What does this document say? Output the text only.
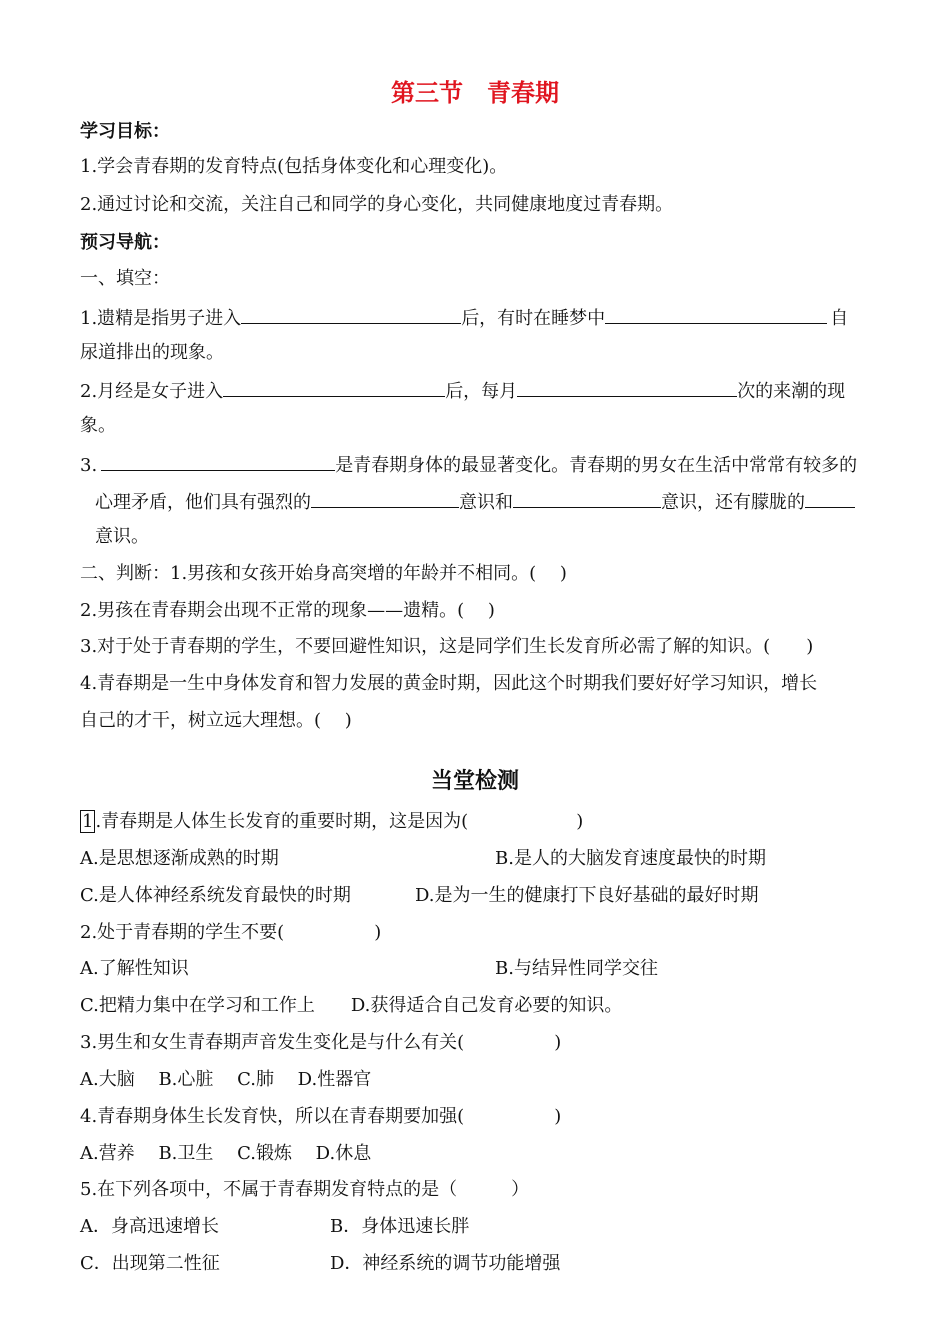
第三节　青春期
学习目标：
1.学会青春期的发育特点(包括身体变化和心理变化)。
2.通过讨论和交流，关注自己和同学的身心变化，共同健康地度过青春期。
预习导航：
一、填空：
1.遗精是指男子进入	后，有时在睡梦中	自
尿道排出的现象。
2.月经是女子进入	后，每月	次的来潮的现
象。
3.	是青春期身体的最显著变化。青春期的男女在生活中常常有较多的
心理矛盾，他们具有强烈的	意识和	意识，还有朦胧的
意识。
二、判断：1.男孩和女孩开始身高突增的年龄并不相同。(　 )
2.男孩在青春期会出现不正常的现象——遗精。(　 )
3.对于处于青春期的学生，不要回避性知识，这是同学们生长发育所必需了解的知识。(　　)
4.青春期是一生中身体发育和智力发展的黄金时期，因此这个时期我们要好好学习知识，增长
自己的才干，树立远大理想。(　 )
当堂检测
1 .青春期是人体生长发育的重要时期，这是因为(　　　　　　)
A.是思想逐渐成熟的时期	B.是人的大脑发育速度最快的时期
C.是人体神经系统发育最快的时期	D.是为一生的健康打下良好基础的最好时期
2.处于青春期的学生不要(　　　　　)
A.了解性知识	B.与结异性同学交往
C.把精力集中在学习和工作上　　D.获得适合自己发育必要的知识。
3.男生和女生青春期声音发生变化是与什么有关(　　　　　)
A.大脑　 B.心脏　 C.肺　 D.性器官
4.青春期身体生长发育快，所以在青春期要加强(　　　　　)
A.营养　 B.卫生　 C.锻炼　 D.休息
5.在下列各项中，不属于青春期发育特点的是（　　　）
A．身高迅速增长	B．身体迅速长胖
C．出现第二性征	D．神经系统的调节功能增强
